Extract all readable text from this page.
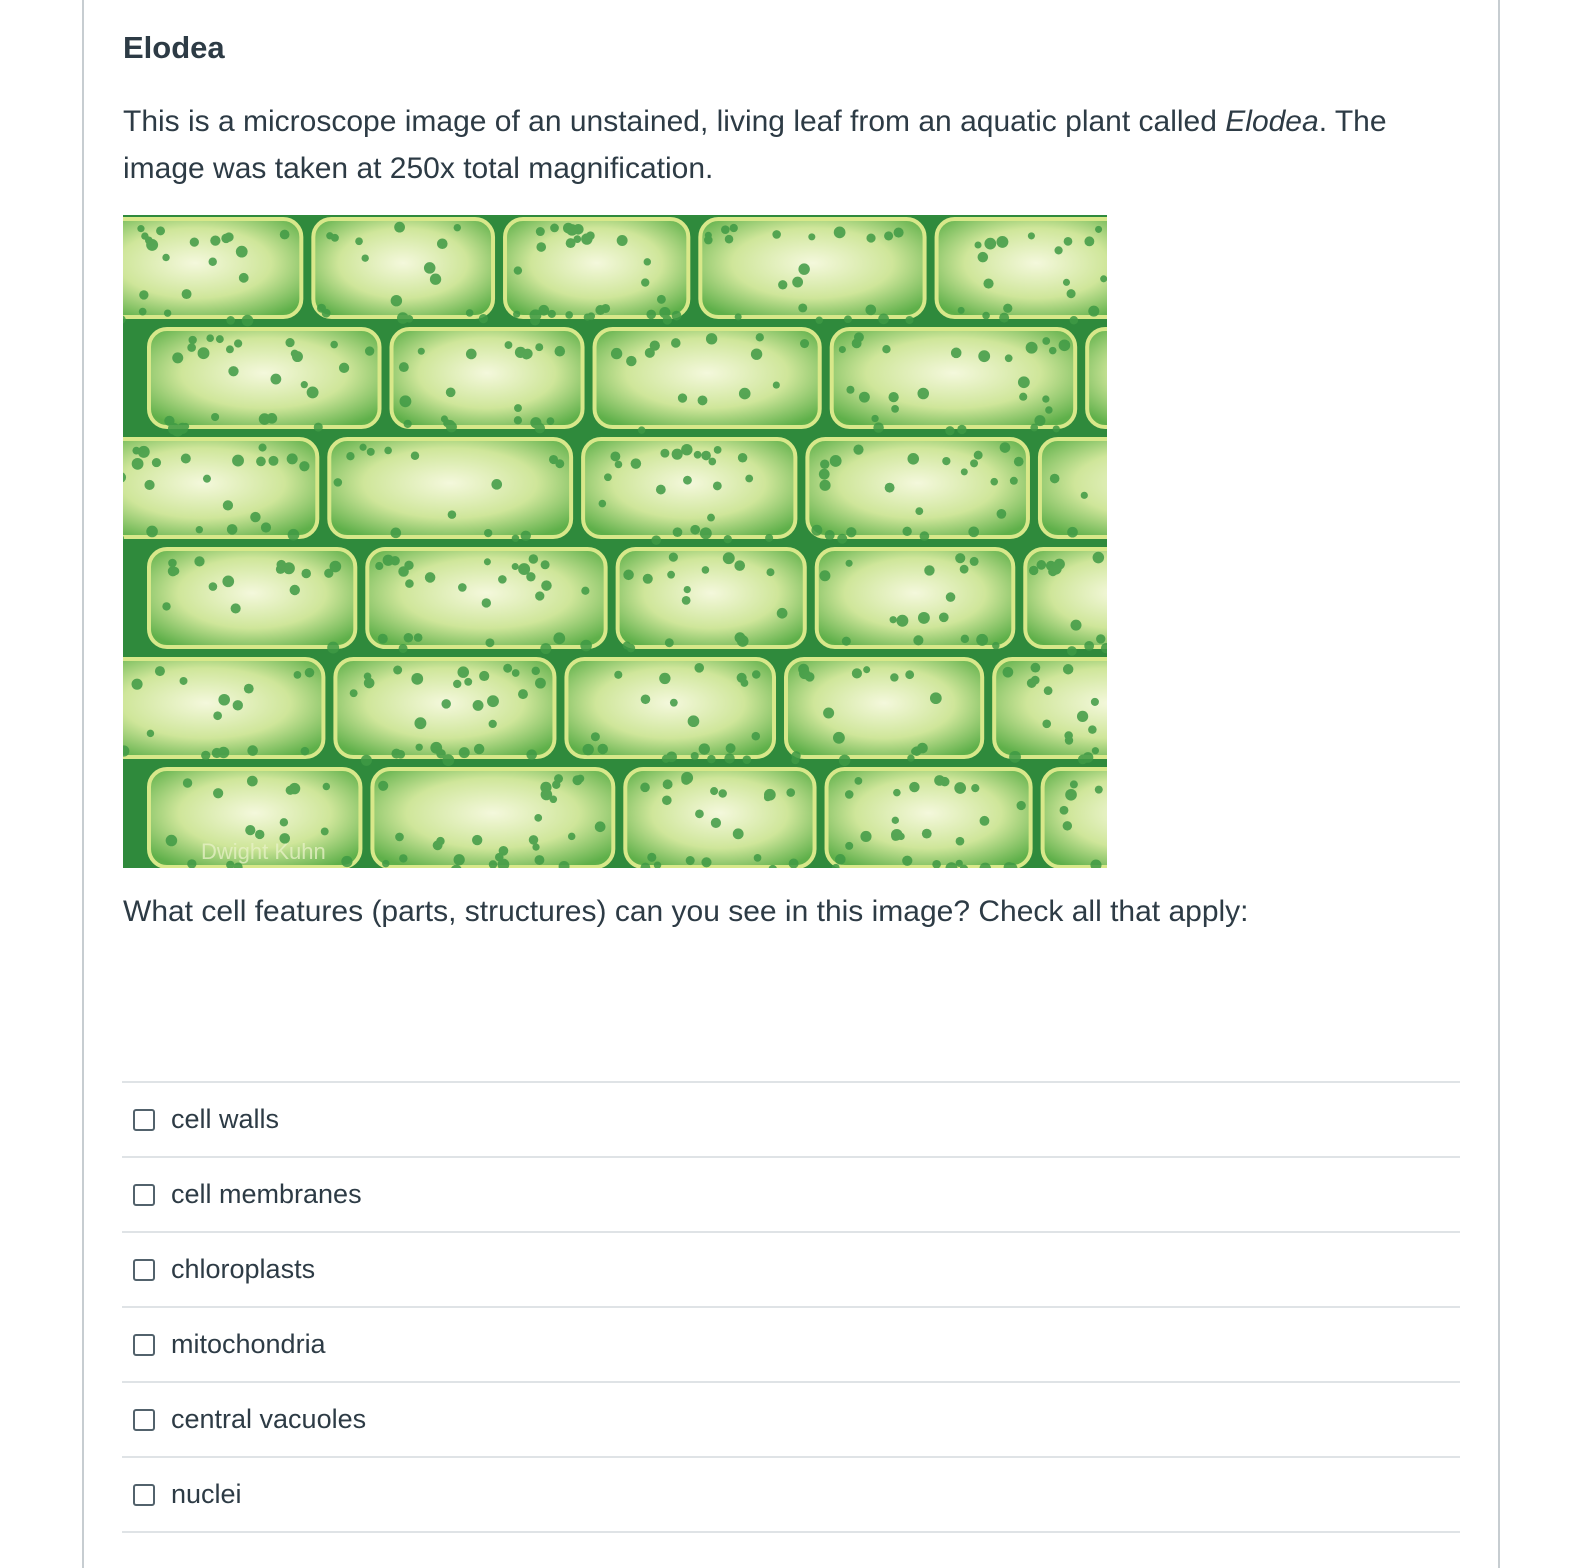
Elodea

This is a microscope image of an unstained, living leaf from an aquatic plant called Elodea. The image was taken at 250x total magnification.

Dwight Kuhn

What cell features (parts, structures) can you see in this image? Check all that apply:

cell walls
cell membranes
chloroplasts
mitochondria
central vacuoles
nuclei
